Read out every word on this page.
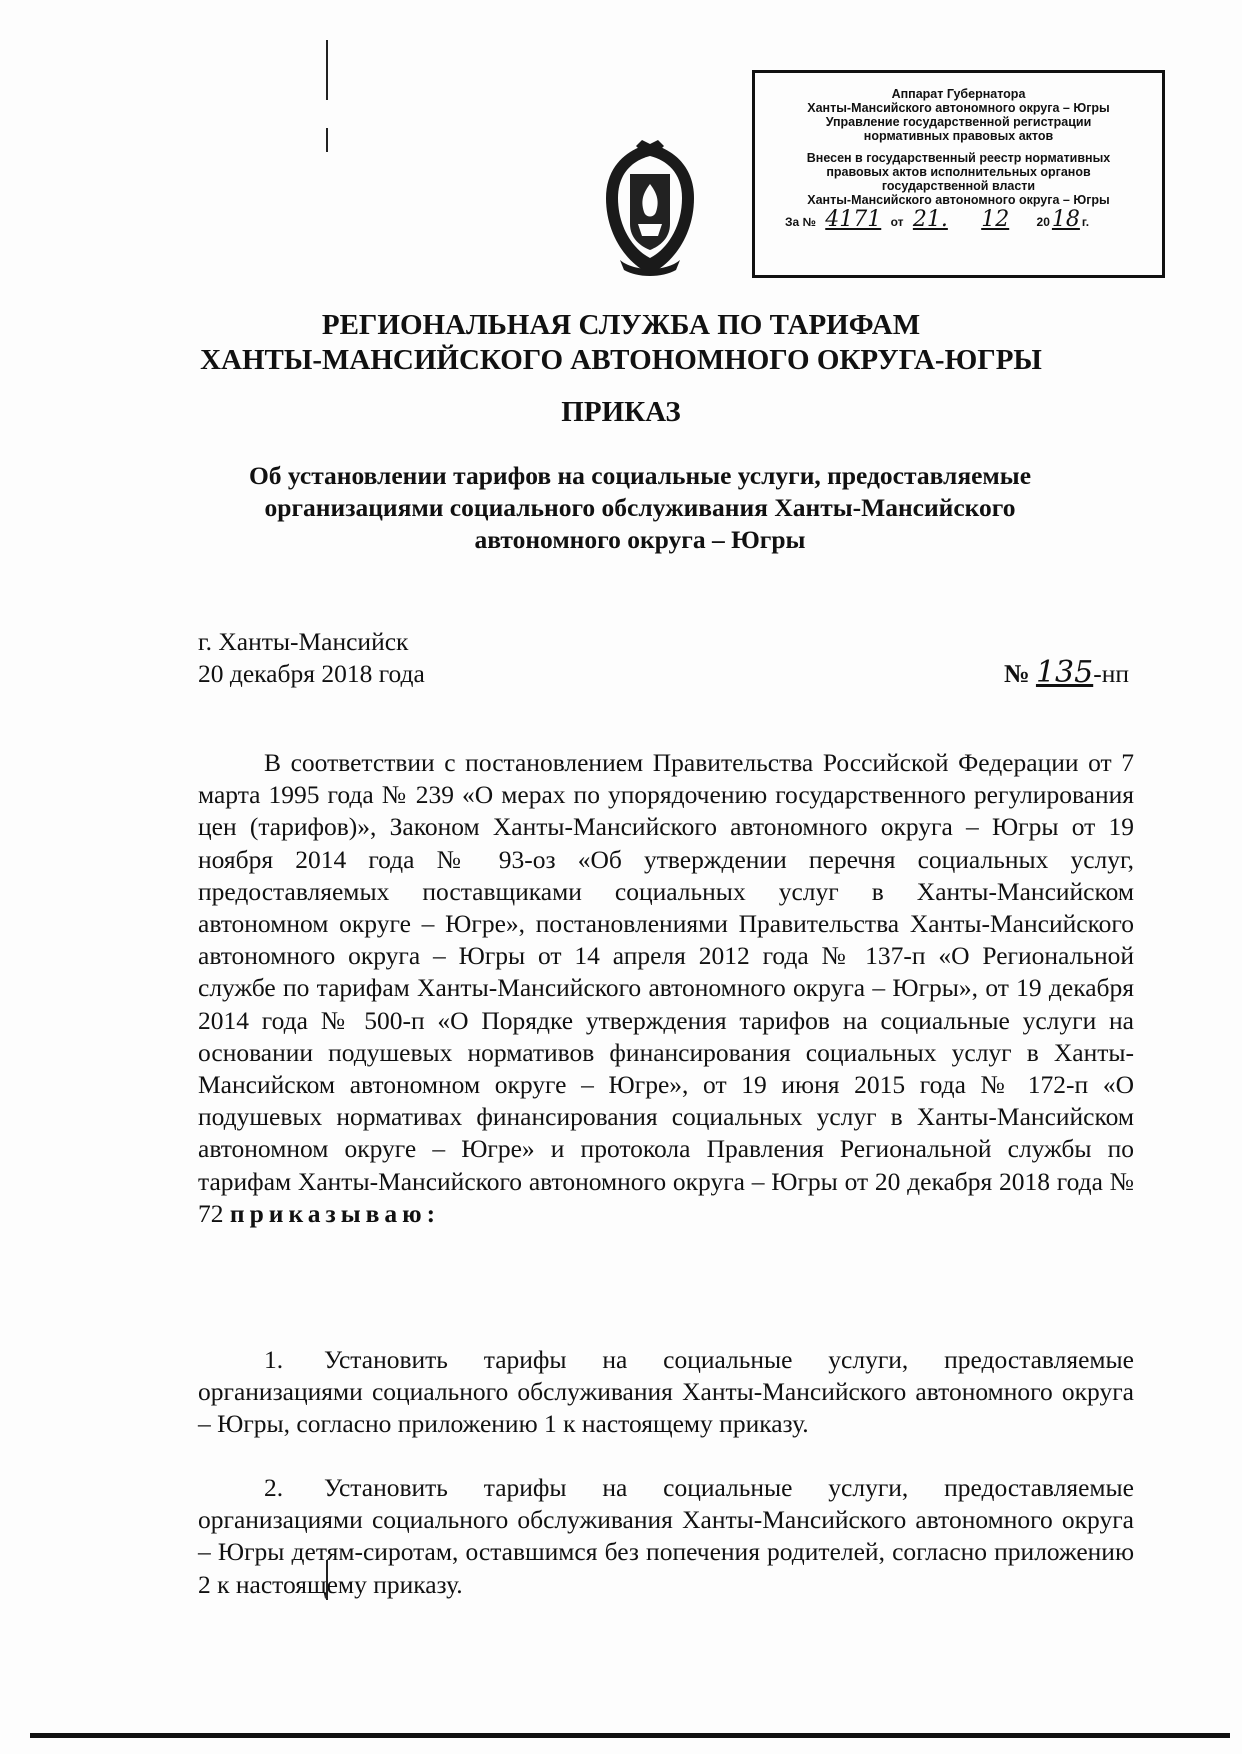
Аппарат Губернатора
Ханты-Мансийского автономного округа – Югры
Управление государственной регистрации
нормативных правовых актов
Внесен в государственный реестр нормативных
правовых актов исполнительных органов
государственной власти
Ханты-Мансийского автономного округа – Югры
За № 4171 от 21. 12 2018 г.
РЕГИОНАЛЬНАЯ СЛУЖБА ПО ТАРИФАМ
ХАНТЫ-МАНСИЙСКОГО АВТОНОМНОГО ОКРУГА-ЮГРЫ
ПРИКАЗ
Об установлении тарифов на социальные услуги, предоставляемые организациями социального обслуживания Ханты-Мансийского автономного округа – Югры
г. Ханты-Мансийск
20 декабря 2018 года	№ 135-нп
В соответствии с постановлением Правительства Российской Федерации от 7 марта 1995 года № 239 «О мерах по упорядочению государственного регулирования цен (тарифов)», Законом Ханты-Мансийского автономного округа – Югры от 19 ноября 2014 года № 93-оз «Об утверждении перечня социальных услуг, предоставляемых поставщиками социальных услуг в Ханты-Мансийском автономном округе – Югре», постановлениями Правительства Ханты-Мансийского автономного округа – Югры от 14 апреля 2012 года № 137-п «О Региональной службе по тарифам Ханты-Мансийского автономного округа – Югры», от 19 декабря 2014 года № 500-п «О Порядке утверждения тарифов на социальные услуги на основании подушевых нормативов финансирования социальных услуг в Ханты-Мансийском автономном округе – Югре», от 19 июня 2015 года № 172-п «О подушевых нормативах финансирования социальных услуг в Ханты-Мансийском автономном округе – Югре» и протокола Правления Региональной службы по тарифам Ханты-Мансийского автономного округа – Югры от 20 декабря 2018 года № 72 приказываю:
1. Установить тарифы на социальные услуги, предоставляемые организациями социального обслуживания Ханты-Мансийского автономного округа – Югры, согласно приложению 1 к настоящему приказу.
2. Установить тарифы на социальные услуги, предоставляемые организациями социального обслуживания Ханты-Мансийского автономного округа – Югры детям-сиротам, оставшимся без попечения родителей, согласно приложению 2 к настоящему приказу.
